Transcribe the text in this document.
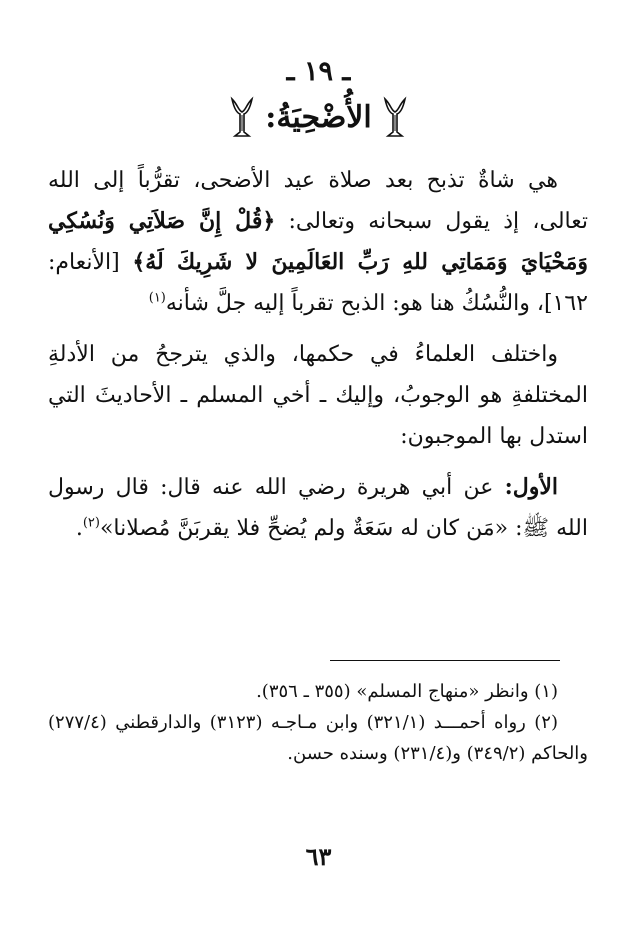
ـ ١٩ ـ
الأُضْحِيَةُ:

هي شاةٌ تذبح بعد صلاة عيد الأضحى، تقرُّباً إلى الله تعالى، إذ يقول سبحانه وتعالى: ﴿قُلْ إِنَّ صَلاَتِي وَنُسُكِي وَمَحْيَايَ وَمَمَاتِي للهِ رَبِّ العَالَمِينَ لا شَرِيكَ لَهُ﴾ [الأنعام: ١٦٢]، والنُّسُكُ هنا هو: الذبح تقرباً إليه جلَّ شأنه$^{(١)}$

واختلف العلماءُ في حكمها، والذي يترجحُ من الأدلةِ المختلفةِ هو الوجوبُ، وإليك ـ أخي المسلم ـ الأحاديثَ التي استدل بها الموجبون:

الأول: عن أبي هريرة رضي الله عنه قال: قال رسول الله ﷺ: «مَن كان له سَعَةٌ ولم يُضحِّ فلا يقربَنَّ مُصلانا»$^{(٢)}$.

(١) وانظر «منهاج المسلم» (٣٥٥ ـ ٣٥٦).

(٢) رواه أحمـــد (٣٢١/١) وابن مـاجـه (٣١٢٣) والدارقطني (٢٧٧/٤) والحاكم (٣٤٩/٢) و(٢٣١/٤) وسنده حسن.

٦٣
